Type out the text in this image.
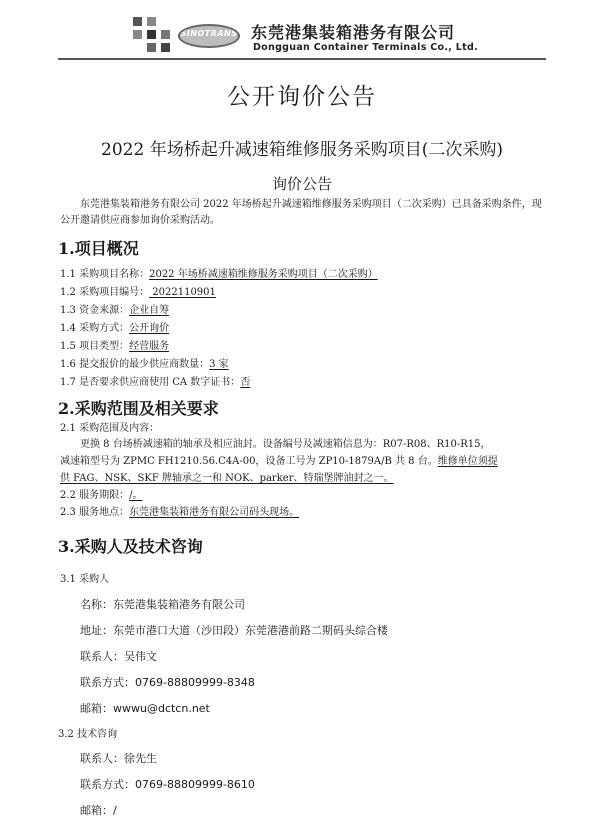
SINOTRANS 东莞港集装箱港务有限公司
Dongguan Container Terminals Co., Ltd.
公开询价公告
2022 年场桥起升减速箱维修服务采购项目(二次采购)
询价公告
东莞港集装箱港务有限公司 2022 年场桥起升减速箱维修服务采购项目（二次采购）已具备采购条件，现公开邀请供应商参加询价采购活动。
1.项目概况
1.1 采购项目名称：2022 年场桥减速箱维修服务采购项目（二次采购）
1.2 采购项目编号： 2022110901
1.3 资金来源：企业自筹
1.4 采购方式：公开询价
1.5 项目类型：经营服务
1.6 提交报价的最少供应商数量：3 家
1.7 是否要求供应商使用 CA 数字证书：否
2.采购范围及相关要求
2.1 采购范围及内容：
更换 8 台场桥减速箱的轴承及相应油封。设备编号及减速箱信息为：R07-R08、R10-R15，
减速箱型号为 ZPMC FH1210.56.C4A-00，设备工号为 ZP10-1879A/B 共 8 台。维修单位须提
供 FAG、NSK、SKF 牌轴承之一和 NOK、parker、特瑞堡牌油封之一。
2.2 服务期限：/。
2.3 服务地点：东莞港集装箱港务有限公司码头现场。
3.采购人及技术咨询
3.1 采购人
名称：东莞港集装箱港务有限公司
地址：东莞市港口大道（沙田段）东莞港港前路二期码头综合楼
联系人：吴伟文
联系方式：0769-88809999-8348
邮箱：wwwu@dctcn.net
3.2 技术咨询
联系人：徐先生
联系方式：0769-88809999-8610
邮箱：/
